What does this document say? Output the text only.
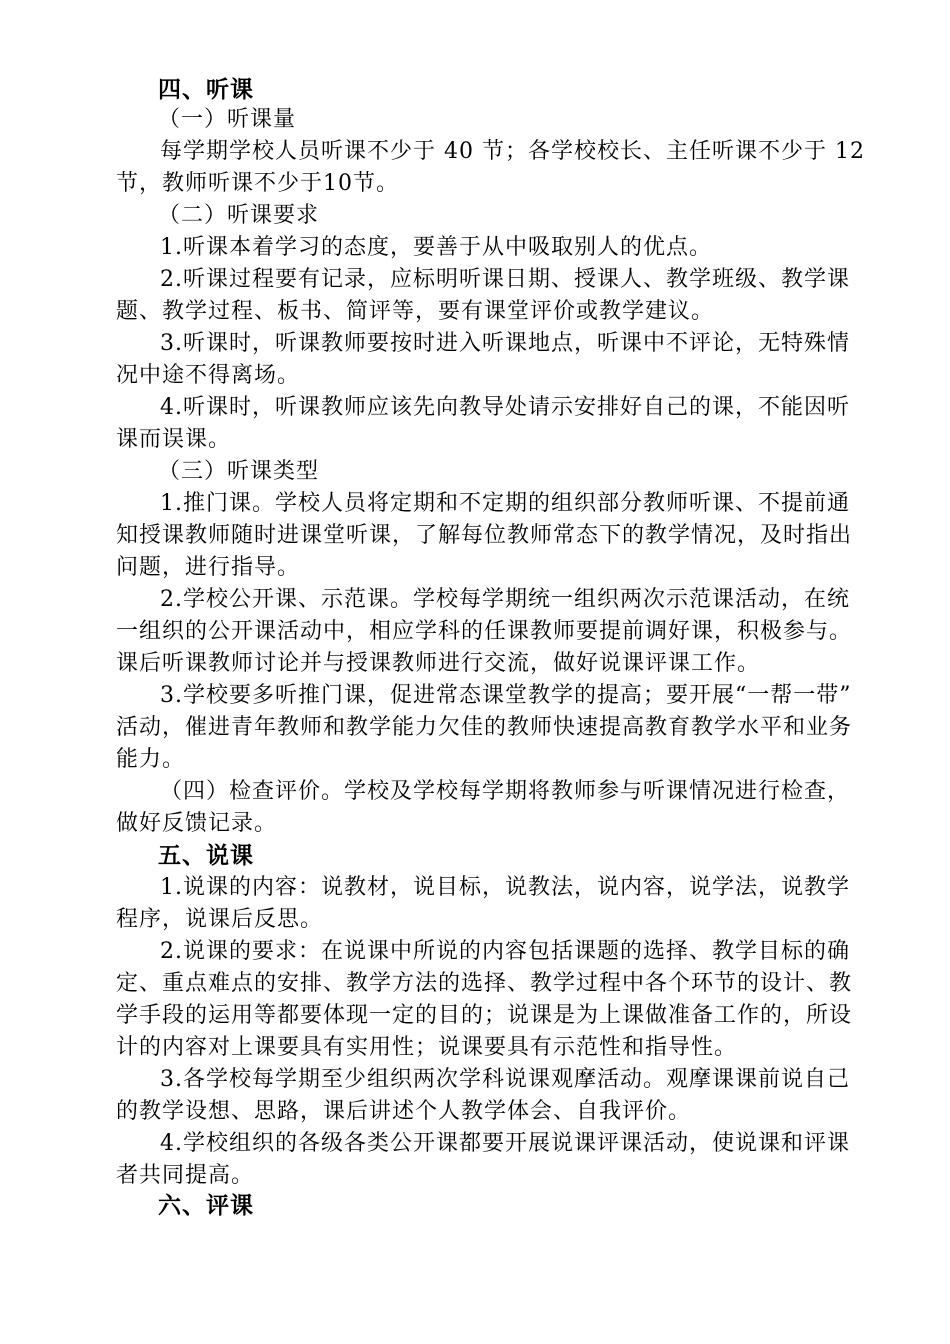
四、听课
（一）听课量
每学期学校人员听课不少于 40 节；各学校校长、主任听课不少于 12
节，教师听课不少于10节。
（二）听课要求
1.听课本着学习的态度，要善于从中吸取别人的优点。
2.听课过程要有记录，应标明听课日期、授课人、教学班级、教学课
题、教学过程、板书、简评等，要有课堂评价或教学建议。
3.听课时，听课教师要按时进入听课地点，听课中不评论，无特殊情
况中途不得离场。
4.听课时，听课教师应该先向教导处请示安排好自己的课，不能因听
课而误课。
（三）听课类型
1.推门课。学校人员将定期和不定期的组织部分教师听课、不提前通
知授课教师随时进课堂听课，了解每位教师常态下的教学情况，及时指出
问题，进行指导。
2.学校公开课、示范课。学校每学期统一组织两次示范课活动，在统
一组织的公开课活动中，相应学科的任课教师要提前调好课，积极参与。
课后听课教师讨论并与授课教师进行交流，做好说课评课工作。
3.学校要多听推门课，促进常态课堂教学的提高；要开展“一帮一带”
活动，催进青年教师和教学能力欠佳的教师快速提高教育教学水平和业务
能力。
（四）检查评价。学校及学校每学期将教师参与听课情况进行检查，
做好反馈记录。
五、说课
1.说课的内容：说教材，说目标，说教法，说内容，说学法，说教学
程序，说课后反思。
2.说课的要求：在说课中所说的内容包括课题的选择、教学目标的确
定、重点难点的安排、教学方法的选择、教学过程中各个环节的设计、教
学手段的运用等都要体现一定的目的；说课是为上课做准备工作的，所设
计的内容对上课要具有实用性；说课要具有示范性和指导性。
3.各学校每学期至少组织两次学科说课观摩活动。观摩课课前说自己
的教学设想、思路，课后讲述个人教学体会、自我评价。
4.学校组织的各级各类公开课都要开展说课评课活动，使说课和评课
者共同提高。
六、评课
